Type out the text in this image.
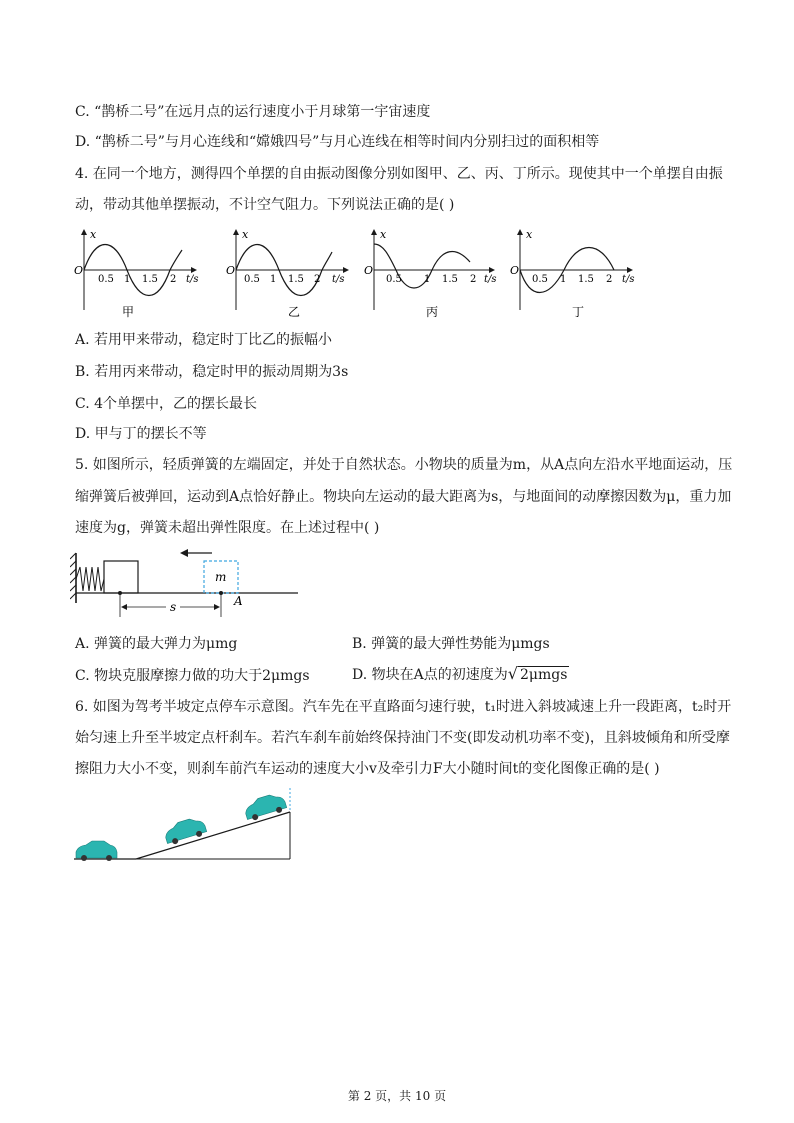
C. “鹊桥二号”在远月点的运行速度小于月球第一宇宙速度
D. “鹊桥二号”与月心连线和“嫦娥四号”与月心连线在相等时间内分别扫过的面积相等
4. 在同一个地方，测得四个单摆的自由振动图像分别如图甲、乙、丙、丁所示。现使其中一个单摆自由振
动，带动其他单摆振动，不计空气阻力。下列说法正确的是( )
O
x
0.5 1 1.5 2 t/s
甲
O
x
0.5 1 1.5 2 t/s
乙
O
x
0.5 1 1.5 2 t/s
丙
O
x
0.5 1 1.5 2 t/s
丁
A. 若用甲来带动，稳定时丁比乙的振幅小
B. 若用丙来带动，稳定时甲的振动周期为3s
C. 4个单摆中，乙的摆长最长
D. 甲与丁的摆长不等
5. 如图所示，轻质弹簧的左端固定，并处于自然状态。小物块的质量为m，从A点向左沿水平地面运动，压
缩弹簧后被弹回，运动到A点恰好静止。物块向左运动的最大距离为s，与地面间的动摩擦因数为μ，重力加
速度为g，弹簧未超出弹性限度。在上述过程中( )
m
A
s
A. 弹簧的最大弹力为μmg	B. 弹簧的最大弹性势能为μmgs
C. 物块克服摩擦力做的功大于2μmgs	D. 物块在A点的初速度为√ 2μmgs
6. 如图为驾考半坡定点停车示意图。汽车先在平直路面匀速行驶，t₁时进入斜坡减速上升一段距离，t₂时开
始匀速上升至半坡定点杆刹车。若汽车刹车前始终保持油门不变(即发动机功率不变)，且斜坡倾角和所受摩
擦阻力大小不变，则刹车前汽车运动的速度大小v及牵引力F大小随时间t的变化图像正确的是( )
第 2 页，共 10 页
